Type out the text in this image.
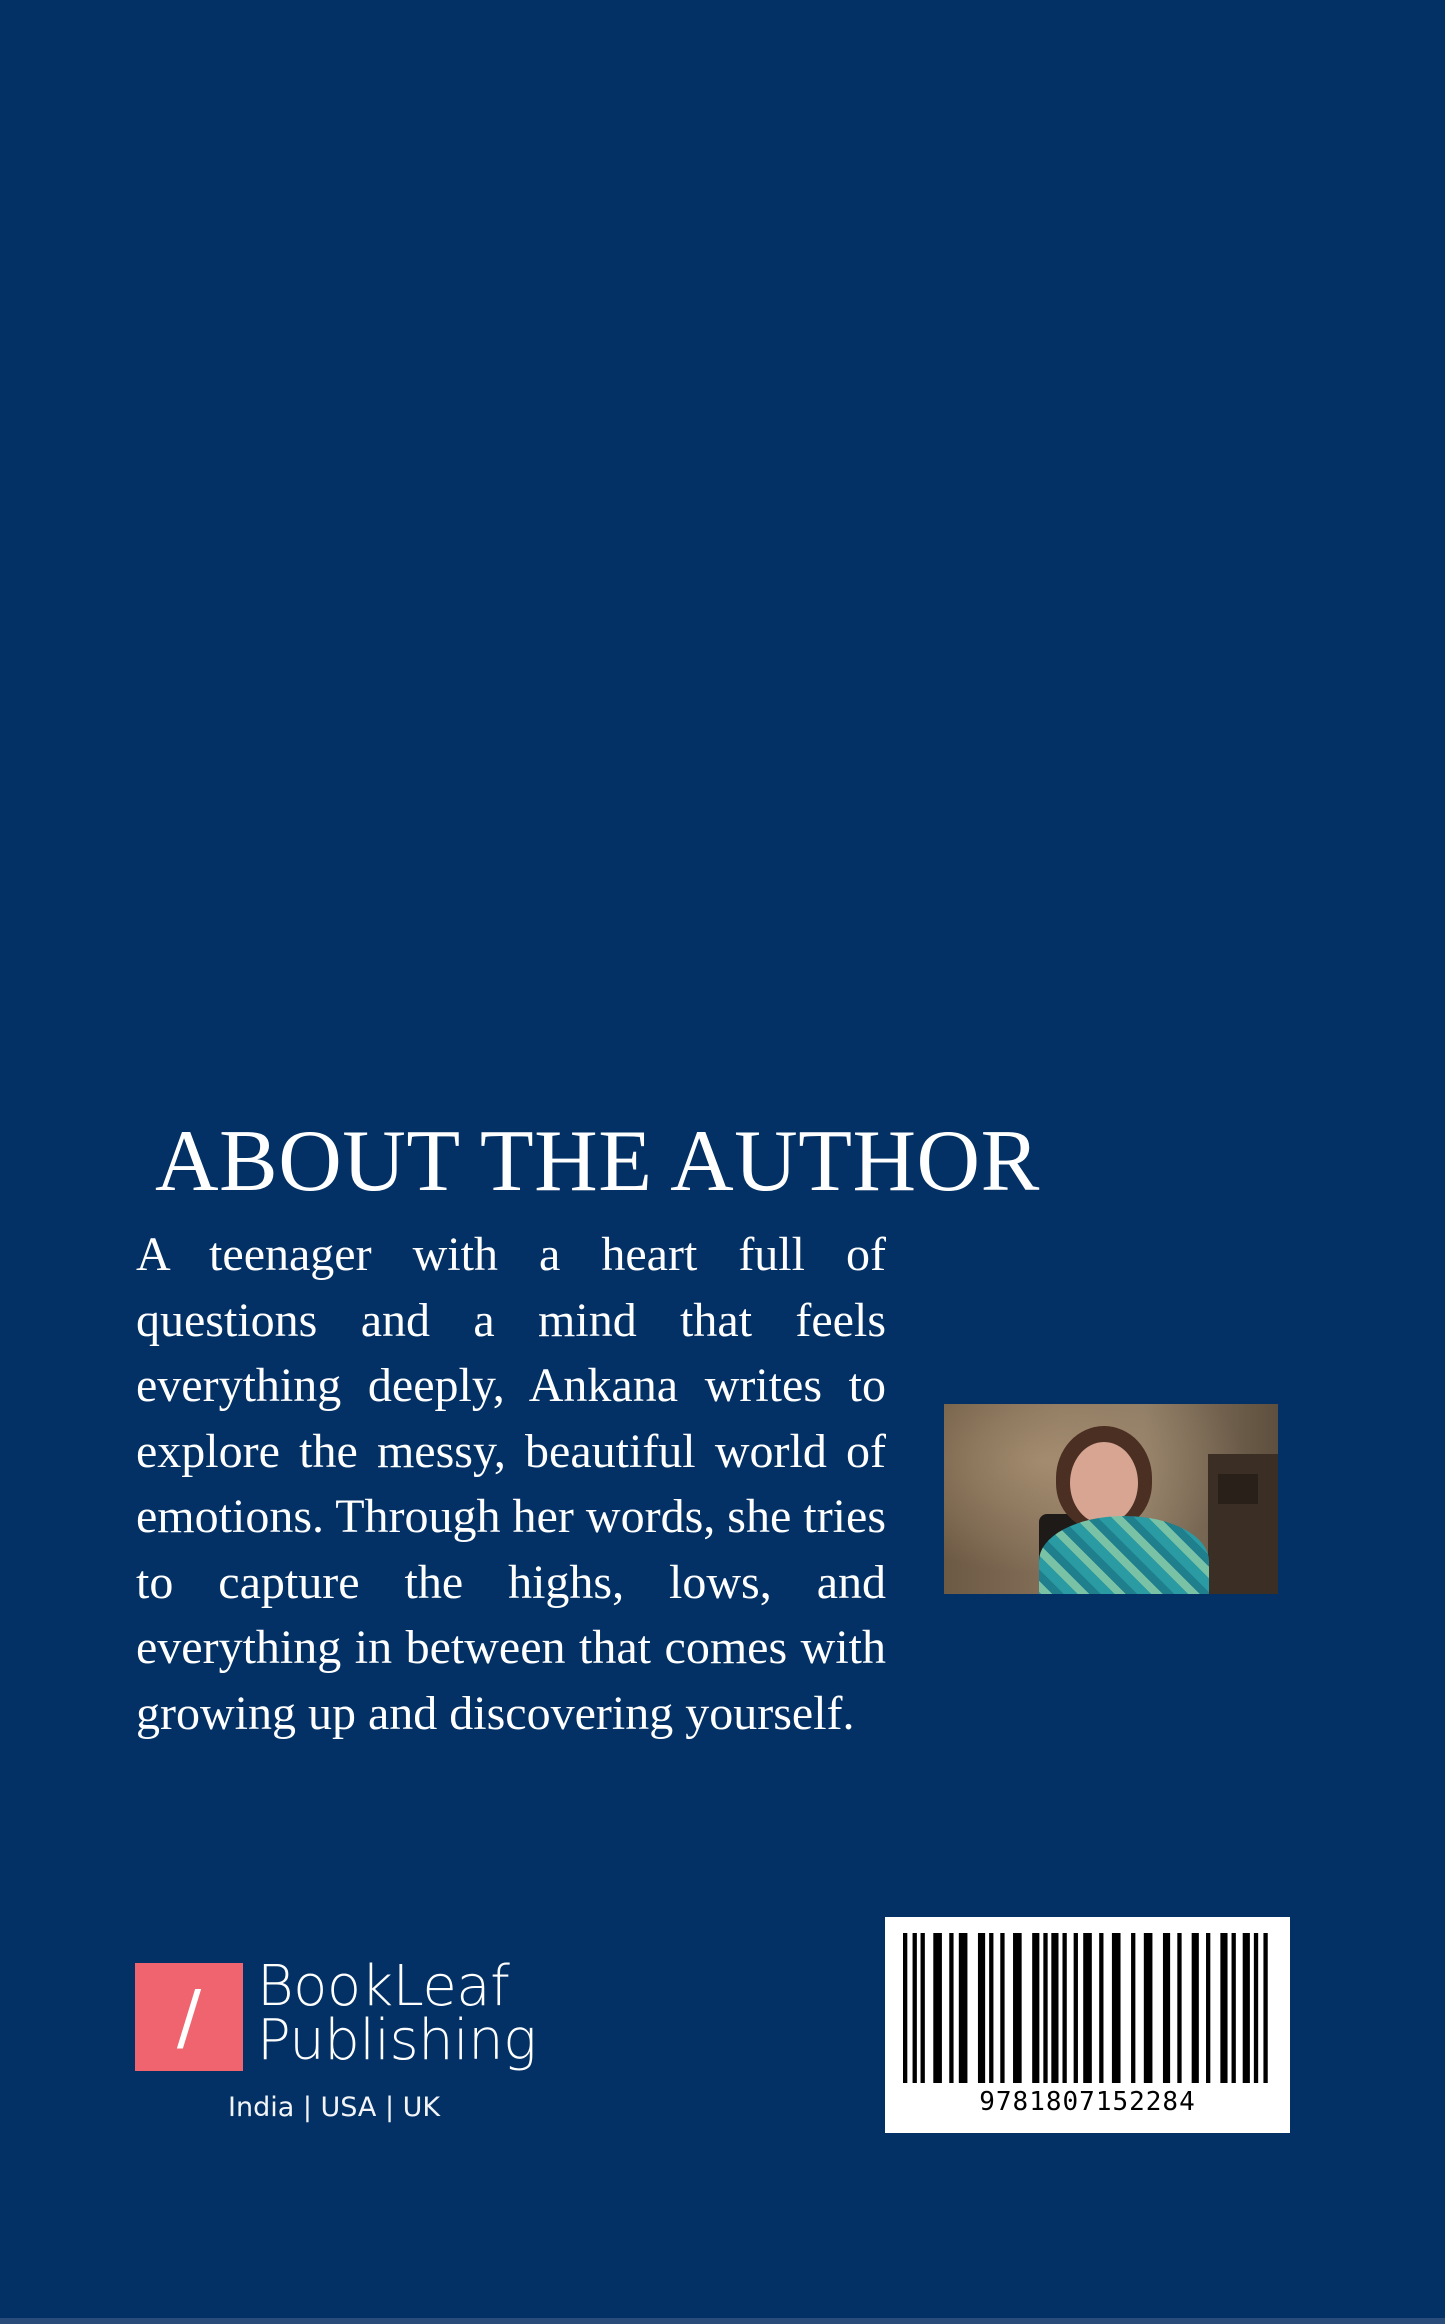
ABOUT THE AUTHOR

A teenager with a heart full of questions and a mind that feels everything deeply, Ankana writes to explore the messy, beautiful world of emotions. Through her words, she tries to capture the highs, lows, and everything in between that comes with growing up and discovering yourself.

/ BookLeaf
Publishing
India | USA | UK	9781807152284
